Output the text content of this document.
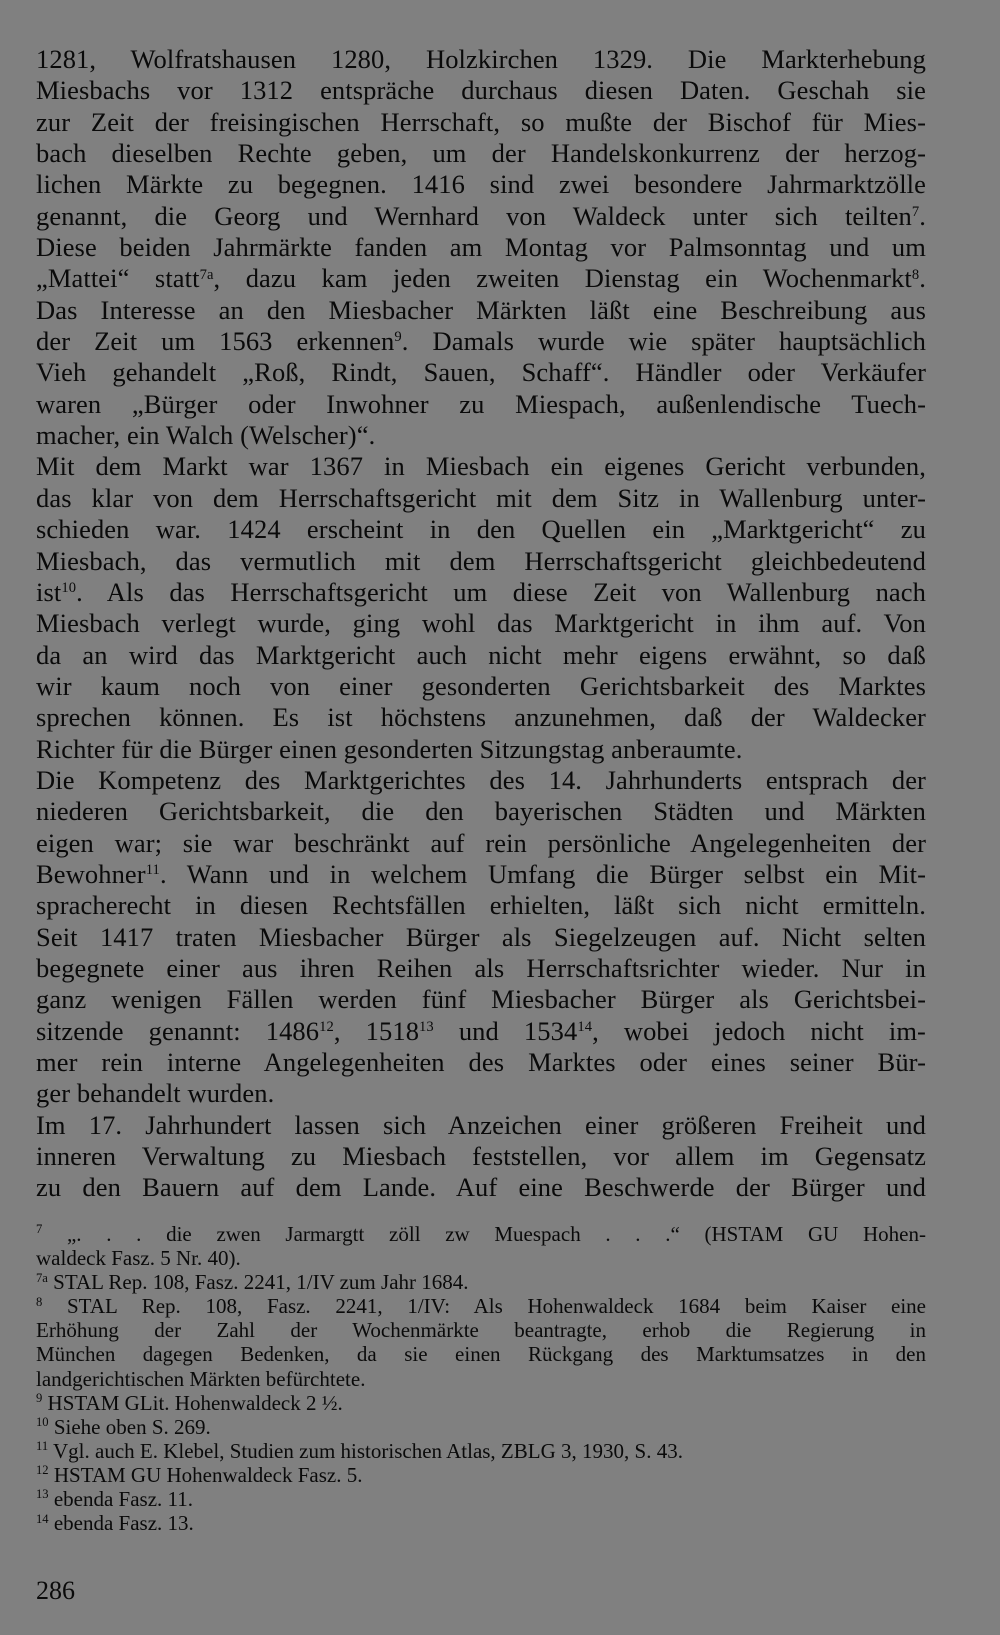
1281, Wolfratshausen 1280, Holzkirchen 1329. Die Markterhebung
Miesbachs vor 1312 entspräche durchaus diesen Daten. Geschah sie
zur Zeit der freisingischen Herrschaft, so mußte der Bischof für Mies-
bach dieselben Rechte geben, um der Handelskonkurrenz der herzog-
lichen Märkte zu begegnen. 1416 sind zwei besondere Jahrmarktzölle
genannt, die Georg und Wernhard von Waldeck unter sich teilten$^7$.
Diese beiden Jahrmärkte fanden am Montag vor Palmsonntag und um
„Mattei“ statt$^{7a}$, dazu kam jeden zweiten Dienstag ein Wochenmarkt$^8$.
Das Interesse an den Miesbacher Märkten läßt eine Beschreibung aus
der Zeit um 1563 erkennen$^9$. Damals wurde wie später hauptsächlich
Vieh gehandelt „Roß, Rindt, Sauen, Schaff“. Händler oder Verkäufer
waren „Bürger oder Inwohner zu Miespach, außenlendische Tuech-
macher, ein Walch (Welscher)“.

Mit dem Markt war 1367 in Miesbach ein eigenes Gericht verbunden,
das klar von dem Herrschaftsgericht mit dem Sitz in Wallenburg unter-
schieden war. 1424 erscheint in den Quellen ein „Marktgericht“ zu
Miesbach, das vermutlich mit dem Herrschaftsgericht gleichbedeutend
ist$^{10}$. Als das Herrschaftsgericht um diese Zeit von Wallenburg nach
Miesbach verlegt wurde, ging wohl das Marktgericht in ihm auf. Von
da an wird das Marktgericht auch nicht mehr eigens erwähnt, so daß
wir kaum noch von einer gesonderten Gerichtsbarkeit des Marktes
sprechen können. Es ist höchstens anzunehmen, daß der Waldecker
Richter für die Bürger einen gesonderten Sitzungstag anberaumte.

Die Kompetenz des Marktgerichtes des 14. Jahrhunderts entsprach der
niederen Gerichtsbarkeit, die den bayerischen Städten und Märkten
eigen war; sie war beschränkt auf rein persönliche Angelegenheiten der
Bewohner$^{11}$. Wann und in welchem Umfang die Bürger selbst ein Mit-
spracherecht in diesen Rechtsfällen erhielten, läßt sich nicht ermitteln.
Seit 1417 traten Miesbacher Bürger als Siegelzeugen auf. Nicht selten
begegnete einer aus ihren Reihen als Herrschaftsrichter wieder. Nur in
ganz wenigen Fällen werden fünf Miesbacher Bürger als Gerichtsbei-
sitzende genannt: 1486$^{12}$, 1518$^{13}$ und 1534$^{14}$, wobei jedoch nicht im-
mer rein interne Angelegenheiten des Marktes oder eines seiner Bür-
ger behandelt wurden.

Im 17. Jahrhundert lassen sich Anzeichen einer größeren Freiheit und
inneren Verwaltung zu Miesbach feststellen, vor allem im Gegensatz
zu den Bauern auf dem Lande. Auf eine Beschwerde der Bürger und

$^7$ „. . . die zwen Jarmargtt zöll zw Muespach . . .“ (HSTAM GU Hohen-
waldeck Fasz. 5 Nr. 40).
$^{7a}$ STAL Rep. 108, Fasz. 2241, 1/IV zum Jahr 1684.
$^8$ STAL Rep. 108, Fasz. 2241, 1/IV: Als Hohenwaldeck 1684 beim Kaiser eine
Erhöhung der Zahl der Wochenmärkte beantragte, erhob die Regierung in
München dagegen Bedenken, da sie einen Rückgang des Marktumsatzes in den
landgerichtischen Märkten befürchtete.
$^9$ HSTAM GLit. Hohenwaldeck 2 ½.
$^{10}$ Siehe oben S. 269.
$^{11}$ Vgl. auch E. Klebel, Studien zum historischen Atlas, ZBLG 3, 1930, S. 43.
$^{12}$ HSTAM GU Hohenwaldeck Fasz. 5.
$^{13}$ ebenda Fasz. 11.
$^{14}$ ebenda Fasz. 13.
286
